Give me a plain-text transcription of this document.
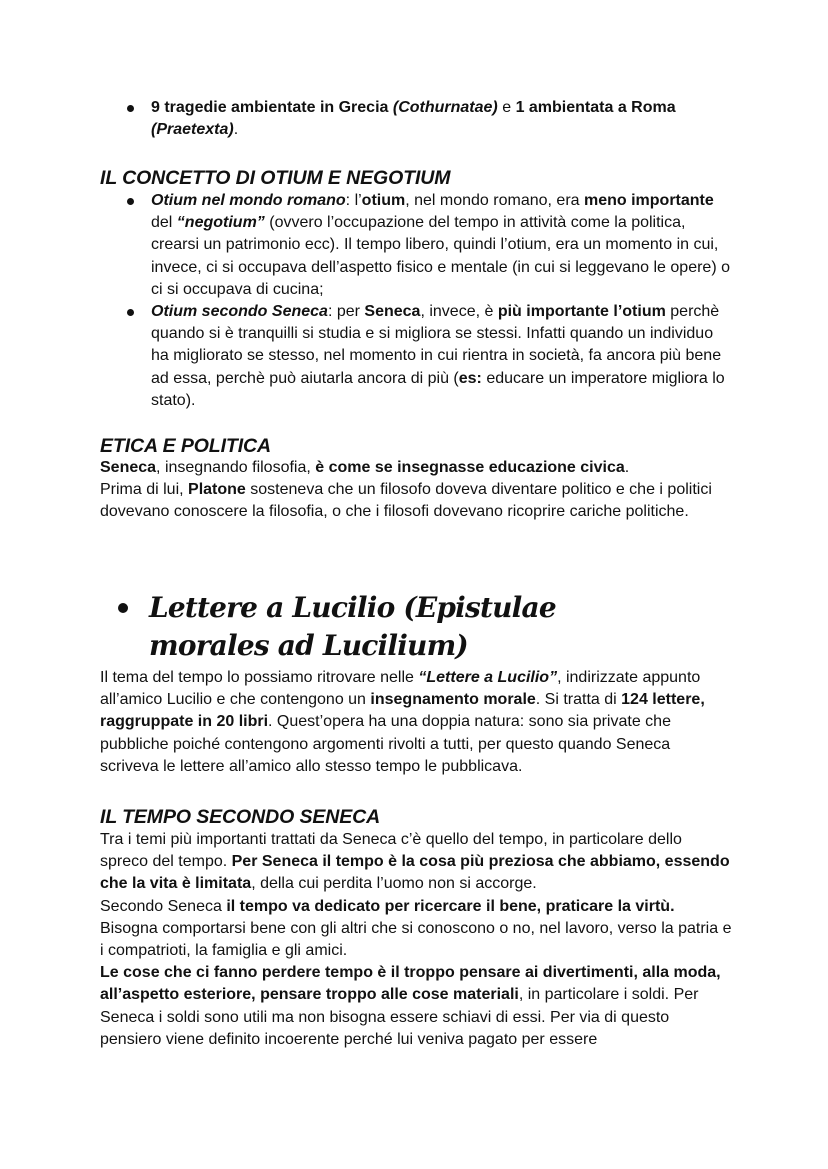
9 tragedie ambientate in Grecia (Cothurnatae) e 1 ambientata a Roma (Praetexta).
IL CONCETTO DI OTIUM E NEGOTIUM
Otium nel mondo romano: l’otium, nel mondo romano, era meno importante del “negotium” (ovvero l’occupazione del tempo in attività come la politica, crearsi un patrimonio ecc). Il tempo libero, quindi l’otium, era un momento in cui, invece, ci si occupava dell’aspetto fisico e mentale (in cui si leggevano le opere) o ci si occupava di cucina;
Otium secondo Seneca: per Seneca, invece, è più importante l’otium perchè quando si è tranquilli si studia e si migliora se stessi. Infatti quando un individuo ha migliorato se stesso, nel momento in cui rientra in società, fa ancora più bene ad essa, perchè può aiutarla ancora di più (es: educare un imperatore migliora lo stato).
ETICA E POLITICA

Seneca, insegnando filosofia, è come se insegnasse educazione civica.

Prima di lui, Platone sosteneva che un filosofo doveva diventare politico e che i politici dovevano conoscere la filosofia, o che i filosofi dovevano ricoprire cariche politiche.

Lettere a Lucilio (Epistulae morales ad Lucilium)

Il tema del tempo lo possiamo ritrovare nelle “Lettere a Lucilio”, indirizzate appunto all’amico Lucilio e che contengono un insegnamento morale. Si tratta di 124 lettere, raggruppate in 20 libri. Quest’opera ha una doppia natura: sono sia private che pubbliche poiché contengono argomenti rivolti a tutti, per questo quando Seneca scriveva le lettere all’amico allo stesso tempo le pubblicava.

IL TEMPO SECONDO SENECA

Tra i temi più importanti trattati da Seneca c’è quello del tempo, in particolare dello spreco del tempo. Per Seneca il tempo è la cosa più preziosa che abbiamo, essendo che la vita è limitata, della cui perdita l’uomo non si accorge.

Secondo Seneca il tempo va dedicato per ricercare il bene, praticare la virtù. Bisogna comportarsi bene con gli altri che si conoscono o no, nel lavoro, verso la patria e i compatrioti, la famiglia e gli amici.

Le cose che ci fanno perdere tempo è il troppo pensare ai divertimenti, alla moda, all’aspetto esteriore, pensare troppo alle cose materiali, in particolare i soldi. Per Seneca i soldi sono utili ma non bisogna essere schiavi di essi. Per via di questo pensiero viene definito incoerente perché lui veniva pagato per essere
